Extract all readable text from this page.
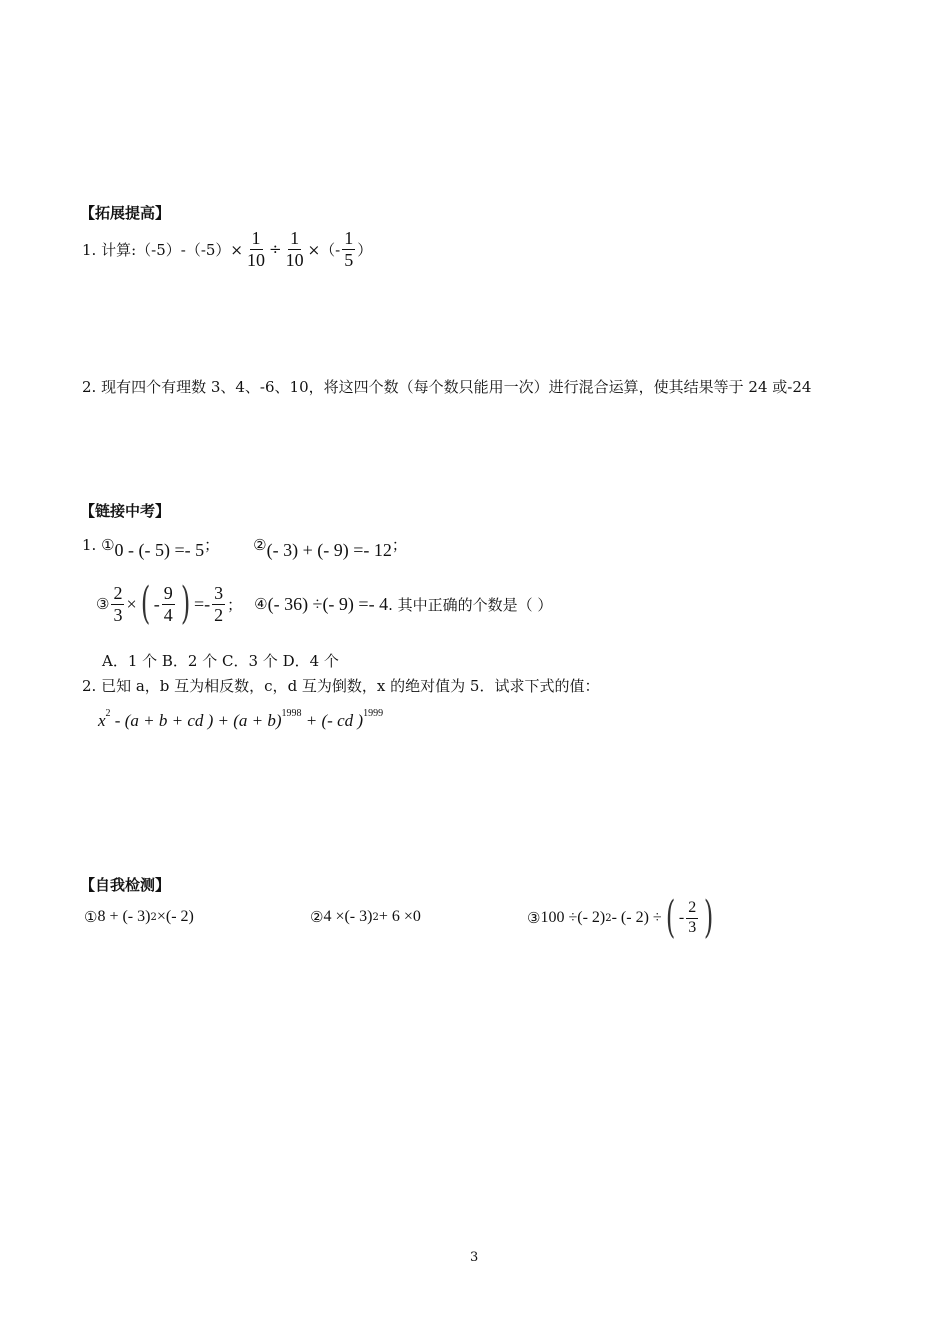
【拓展提高】
1. 计算:（-5）-（-5）× $\frac{1}{10} \div \frac{1}{10}$ ×（- $\frac{1}{5}$ ）
2. 现有四个有理数 3、4、-6、10，将这四个数（每个数只能用一次）进行混合运算，使其结果等于 24 或-24
【链接中考】
1. ① 0 - (- 5) =- 5 ； ② (- 3) + (- 9) =- 12 ；
③ $\frac{2}{3}$ × ( - $\frac{9}{4}$ ) =- $\frac{3}{2}$ ； ④ (- 36) ÷(- 9) =- 4 . 其中正确的个数是（ ）
A．1 个 B．2 个 C．3 个 D．4 个
2. 已知 a，b 互为相反数，c，d 互为倒数，x 的绝对值为 5．试求下式的值：
$x^2 - (a + b$ + cd ) + $(a + b)^{1998}$ + (- cd )$^{1999}$
【自我检测】
① 8 + (- 3) 2 ×(- 2)	② 4 ×(- 3) 2 + 6 ×0	③ 100 ÷(- 2) 2 - (- 2) ÷ ( - $\frac{2}{3}$ )
3
